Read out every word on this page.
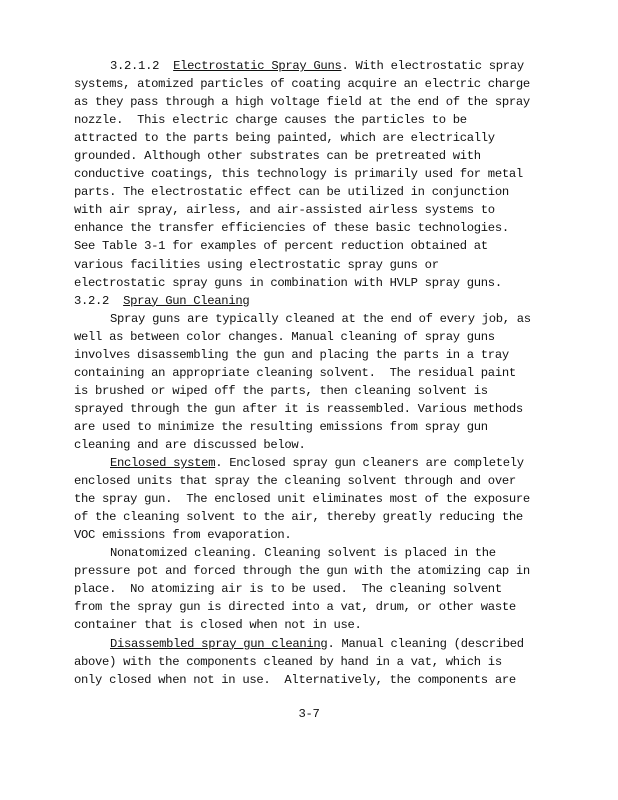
3.2.1.2 Electrostatic Spray Guns. With electrostatic spray
systems, atomized particles of coating acquire an electric charge
as they pass through a high voltage field at the end of the spray
nozzle.  This electric charge causes the particles to be
attracted to the parts being painted, which are electrically
grounded. Although other substrates can be pretreated with
conductive coatings, this technology is primarily used for metal
parts. The electrostatic effect can be utilized in conjunction
with air spray, airless, and air-assisted airless systems to
enhance the transfer efficiencies of these basic technologies.
See Table 3-1 for examples of percent reduction obtained at
various facilities using electrostatic spray guns or
electrostatic spray guns in combination with HVLP spray guns.
3.2.2 Spray Gun Cleaning
Spray guns are typically cleaned at the end of every job, as
well as between color changes. Manual cleaning of spray guns
involves disassembling the gun and placing the parts in a tray
containing an appropriate cleaning solvent.  The residual paint
is brushed or wiped off the parts, then cleaning solvent is
sprayed through the gun after it is reassembled. Various methods
are used to minimize the resulting emissions from spray gun
cleaning and are discussed below.
Enclosed system. Enclosed spray gun cleaners are completely
enclosed units that spray the cleaning solvent through and over
the spray gun.  The enclosed unit eliminates most of the exposure
of the cleaning solvent to the air, thereby greatly reducing the
VOC emissions from evaporation.
Nonatomized cleaning. Cleaning solvent is placed in the
pressure pot and forced through the gun with the atomizing cap in
place.  No atomizing air is to be used.  The cleaning solvent
from the spray gun is directed into a vat, drum, or other waste
container that is closed when not in use.
Disassembled spray gun cleaning. Manual cleaning (described
above) with the components cleaned by hand in a vat, which is
only closed when not in use.  Alternatively, the components are
3-7
